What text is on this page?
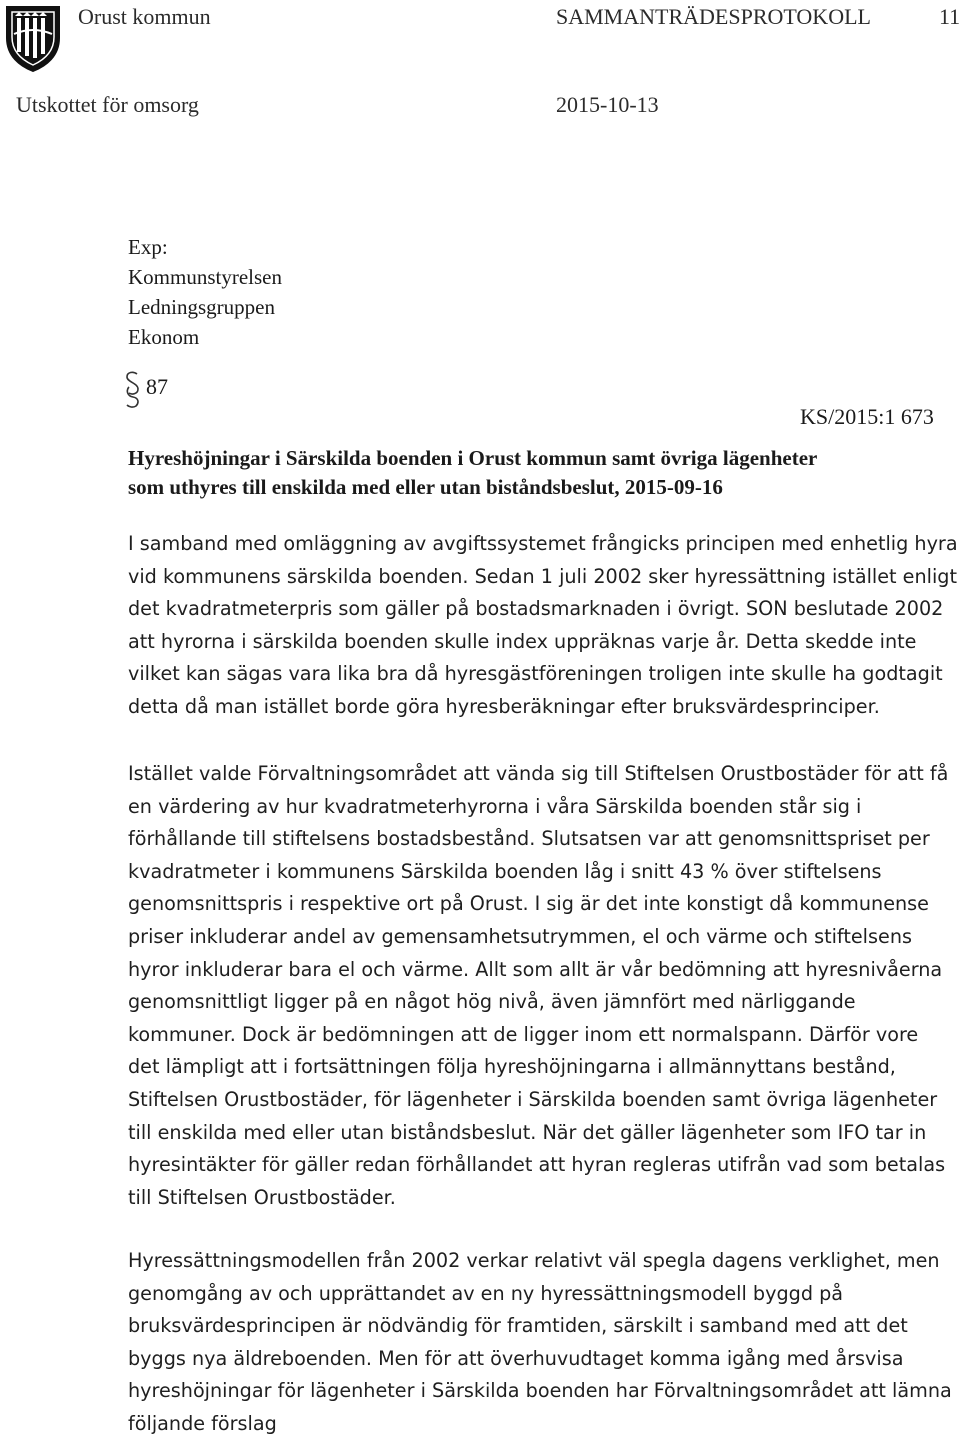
Orust kommun	SAMMANTRÄDESPROTOKOLL	11
Utskottet för omsorg	2015-10-13
Exp:
Kommunstyrelsen
Ledningsgruppen
Ekonom
87
KS/2015:1 673
Hyreshöjningar i Särskilda boenden i Orust kommun samt övriga lägenheter
som uthyres till enskilda med eller utan biståndsbeslut, 2015-09-16
I samband med omläggning av avgiftssystemet frångicks principen med enhetlig hyra
vid kommunens särskilda boenden. Sedan 1 juli 2002 sker hyressättning istället enligt
det kvadratmeterpris som gäller på bostadsmarknaden i övrigt. SON beslutade 2002
att hyrorna i särskilda boenden skulle index uppräknas varje år. Detta skedde inte
vilket kan sägas vara lika bra då hyresgästföreningen troligen inte skulle ha godtagit
detta då man istället borde göra hyresberäkningar efter bruksvärdesprinciper.
Istället valde Förvaltningsområdet att vända sig till Stiftelsen Orustbostäder för att få
en värdering av hur kvadratmeterhyrorna i våra Särskilda boenden står sig i
förhållande till stiftelsens bostadsbestånd. Slutsatsen var att genomsnittspriset per
kvadratmeter i kommunens Särskilda boenden låg i snitt 43 % över stiftelsens
genomsnittspris i respektive ort på Orust. I sig är det inte konstigt då kommunense
priser inkluderar andel av gemensamhetsutrymmen, el och värme och stiftelsens
hyror inkluderar bara el och värme. Allt som allt är vår bedömning att hyresnivåerna
genomsnittligt ligger på en något hög nivå, även jämnfört med närliggande
kommuner. Dock är bedömningen att de ligger inom ett normalspann. Därför vore
det lämpligt att i fortsättningen följa hyreshöjningarna i allmännyttans bestånd,
Stiftelsen Orustbostäder, för lägenheter i Särskilda boenden samt övriga lägenheter
till enskilda med eller utan biståndsbeslut. När det gäller lägenheter som IFO tar in
hyresintäkter för gäller redan förhållandet att hyran regleras utifrån vad som betalas
till Stiftelsen Orustbostäder.
Hyressättningsmodellen från 2002 verkar relativt väl spegla dagens verklighet, men
genomgång av och upprättandet av en ny hyressättningsmodell byggd på
bruksvärdesprincipen är nödvändig för framtiden, särskilt i samband med att det
byggs nya äldreboenden. Men för att överhuvudtaget komma igång med årsvisa
hyreshöjningar för lägenheter i Särskilda boenden har Förvaltningsområdet att lämna
följande förslag
